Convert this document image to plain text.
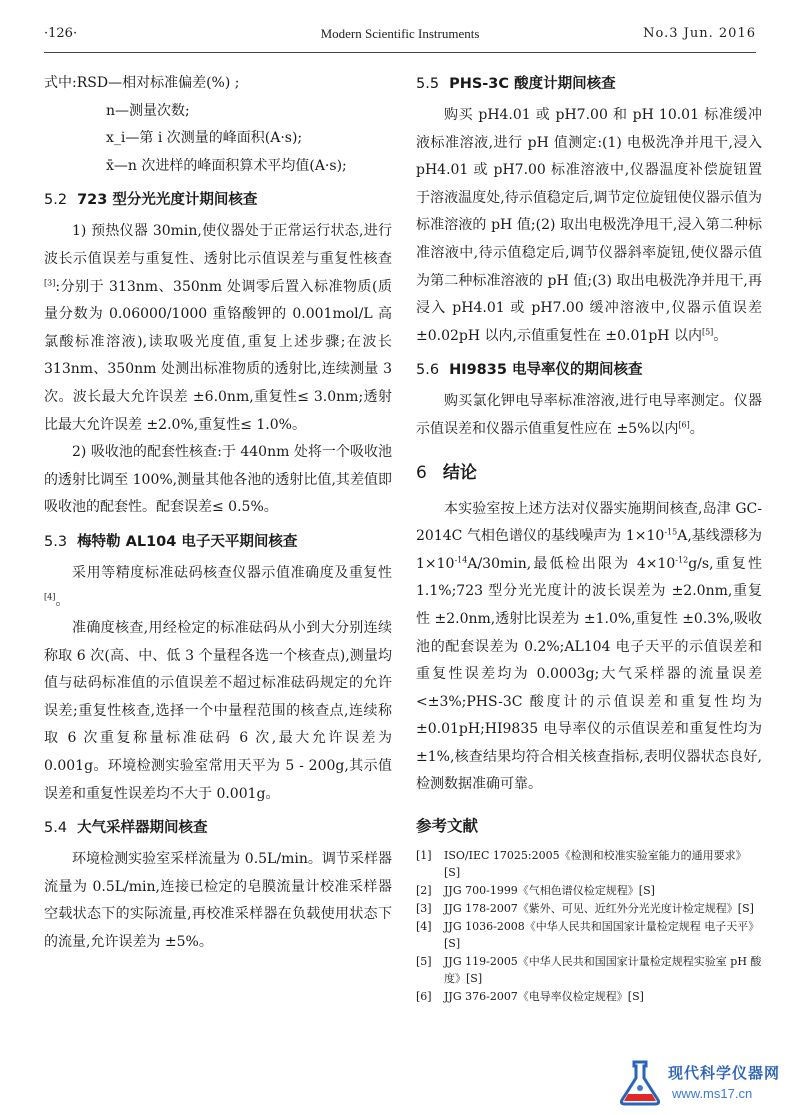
·126·	Modern Scientific Instruments	No.3 Jun. 2016
式中:RSD—相对标准偏差(%) ;
n—测量次数;
x_i—第 i 次测量的峰面积(A·s);
x̄—n 次进样的峰面积算术平均值(A·s);
5.2 723 型分光光度计期间核查

1) 预热仪器 30min,使仪器处于正常运行状态,进行波长示值误差与重复性、透射比示值误差与重复性核查[3]:分别于 313nm、350nm 处调零后置入标准物质(质量分数为 0.06000/1000 重铬酸钾的 0.001mol/L 高氯酸标准溶液),读取吸光度值,重复上述步骤;在波长 313nm、350nm 处测出标准物质的透射比,连续测量 3 次。波长最大允许误差 ±6.0nm,重复性≤ 3.0nm;透射比最大允许误差 ±2.0%,重复性≤ 1.0%。

2) 吸收池的配套性核查:于 440nm 处将一个吸收池的透射比调至 100%,测量其他各池的透射比值,其差值即吸收池的配套性。配套误差≤ 0.5%。

5.3 梅特勒 AL104 电子天平期间核查

采用等精度标准砝码核查仪器示值准确度及重复性[4]。

准确度核查,用经检定的标准砝码从小到大分别连续称取 6 次(高、中、低 3 个量程各选一个核查点),测量均值与砝码标准值的示值误差不超过标准砝码规定的允许误差;重复性核查,选择一个中量程范围的核查点,连续称取 6 次重复称量标准砝码 6 次,最大允许误差为 0.001g。环境检测实验室常用天平为 5 - 200g,其示值误差和重复性误差均不大于 0.001g。

5.4 大气采样器期间核查

环境检测实验室采样流量为 0.5L/min。调节采样器流量为 0.5L/min,连接已检定的皂膜流量计校准采样器空载状态下的实际流量,再校准采样器在负载使用状态下的流量,允许误差为 ±5%。

5.5 PHS-3C 酸度计期间核查

购买 pH4.01 或 pH7.00 和 pH 10.01 标准缓冲液标准溶液,进行 pH 值测定:(1) 电极洗净并甩干,浸入 pH4.01 或 pH7.00 标准溶液中,仪器温度补偿旋钮置于溶液温度处,待示值稳定后,调节定位旋钮使仪器示值为标准溶液的 pH 值;(2) 取出电极洗净甩干,浸入第二种标准溶液中,待示值稳定后,调节仪器斜率旋钮,使仪器示值为第二种标准溶液的 pH 值;(3) 取出电极洗净并甩干,再浸入 pH4.01 或 pH7.00 缓冲溶液中,仪器示值误差 ±0.02pH 以内,示值重复性在 ±0.01pH 以内[5]。

5.6 HI9835 电导率仪的期间核查

购买氯化钾电导率标准溶液,进行电导率测定。仪器示值误差和仪器示值重复性应在 ±5%以内[6]。

6 结论

本实验室按上述方法对仪器实施期间核查,岛津 GC-2014C 气相色谱仪的基线噪声为 $1\times 10^{-15}A$,基线漂移为 $1\times 10^{-14}A/30\min$,最低检出限为 $4\times 10^{-12}g/s$,重复性 1.1%;723 型分光光度计的波长误差为 ±2.0nm,重复性 ±2.0nm,透射比误差为 ±1.0%,重复性 ±0.3%,吸收池的配套误差为 0.2%;AL104 电子天平的示值误差和重复性误差均为 0.0003g;大气采样器的流量误差<±3%;PHS-3C 酸度计的示值误差和重复性均为 ±0.01pH;HI9835 电导率仪的示值误差和重复性均为 ±1%,核查结果均符合相关核查指标,表明仪器状态良好,检测数据准确可靠。

参考文献
[1]	ISO/IEC 17025:2005《检测和校准实验室能力的通用要求》[S]
[2]	JJG 700-1999《气相色谱仪检定规程》[S]
[3]	JJG 178-2007《紫外、可见、近红外分光光度计检定规程》[S]
[4]	JJG 1036-2008《中华人民共和国国家计量检定规程 电子天平》[S]
[5]	JJG 119-2005《中华人民共和国国家计量检定规程实验室 pH 酸度》[S]
[6]	JJG 376-2007《电导率仪检定规程》[S]
现代科学仪器网
www.ms17.cn
